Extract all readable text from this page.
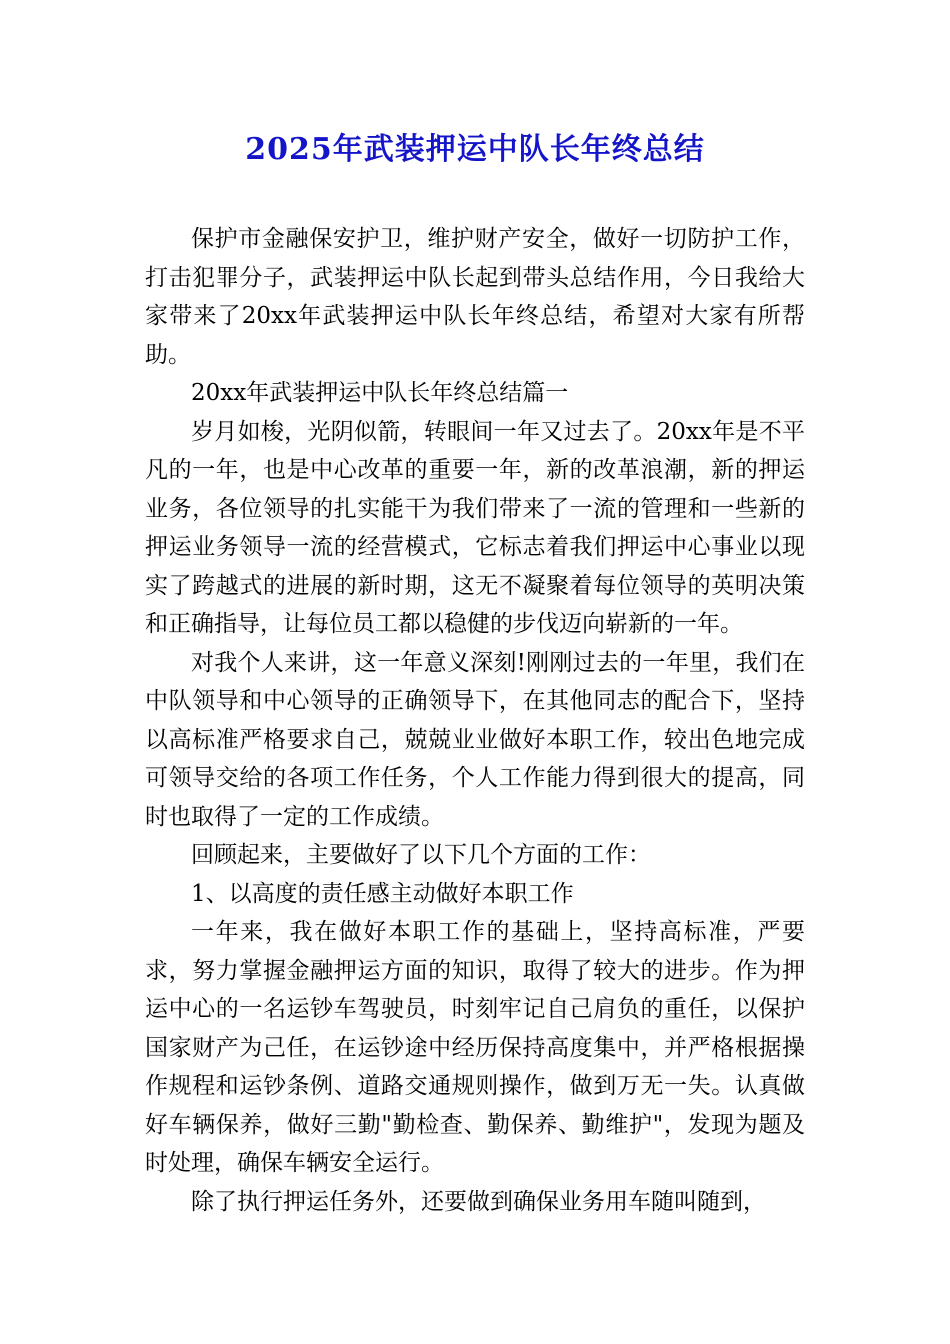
2025年武装押运中队长年终总结

保护市金融保安护卫，维护财产安全，做好一切防护工作，打击犯罪分子，武装押运中队长起到带头总结作用，今日我给大家带来了20xx年武装押运中队长年终总结，希望对大家有所帮助。

20xx年武装押运中队长年终总结篇一

岁月如梭，光阴似箭，转眼间一年又过去了。20xx年是不平凡的一年，也是中心改革的重要一年，新的改革浪潮，新的押运业务，各位领导的扎实能干为我们带来了一流的管理和一些新的押运业务领导一流的经营模式，它标志着我们押运中心事业以现实了跨越式的进展的新时期，这无不凝聚着每位领导的英明决策和正确指导，让每位员工都以稳健的步伐迈向崭新的一年。

对我个人来讲，这一年意义深刻!刚刚过去的一年里，我们在中队领导和中心领导的正确领导下，在其他同志的配合下，坚持以高标准严格要求自己，兢兢业业做好本职工作，较出色地完成可领导交给的各项工作任务，个人工作能力得到很大的提高，同时也取得了一定的工作成绩。

回顾起来，主要做好了以下几个方面的工作：

1、以高度的责任感主动做好本职工作

一年来，我在做好本职工作的基础上，坚持高标准，严要求，努力掌握金融押运方面的知识，取得了较大的进步。作为押运中心的一名运钞车驾驶员，时刻牢记自己肩负的重任，以保护国家财产为己任，在运钞途中经历保持高度集中，并严格根据操作规程和运钞条例、道路交通规则操作，做到万无一失。认真做好车辆保养，做好三勤"勤检查、勤保养、勤维护"，发现为题及时处理，确保车辆安全运行。

除了执行押运任务外，还要做到确保业务用车随叫随到，
